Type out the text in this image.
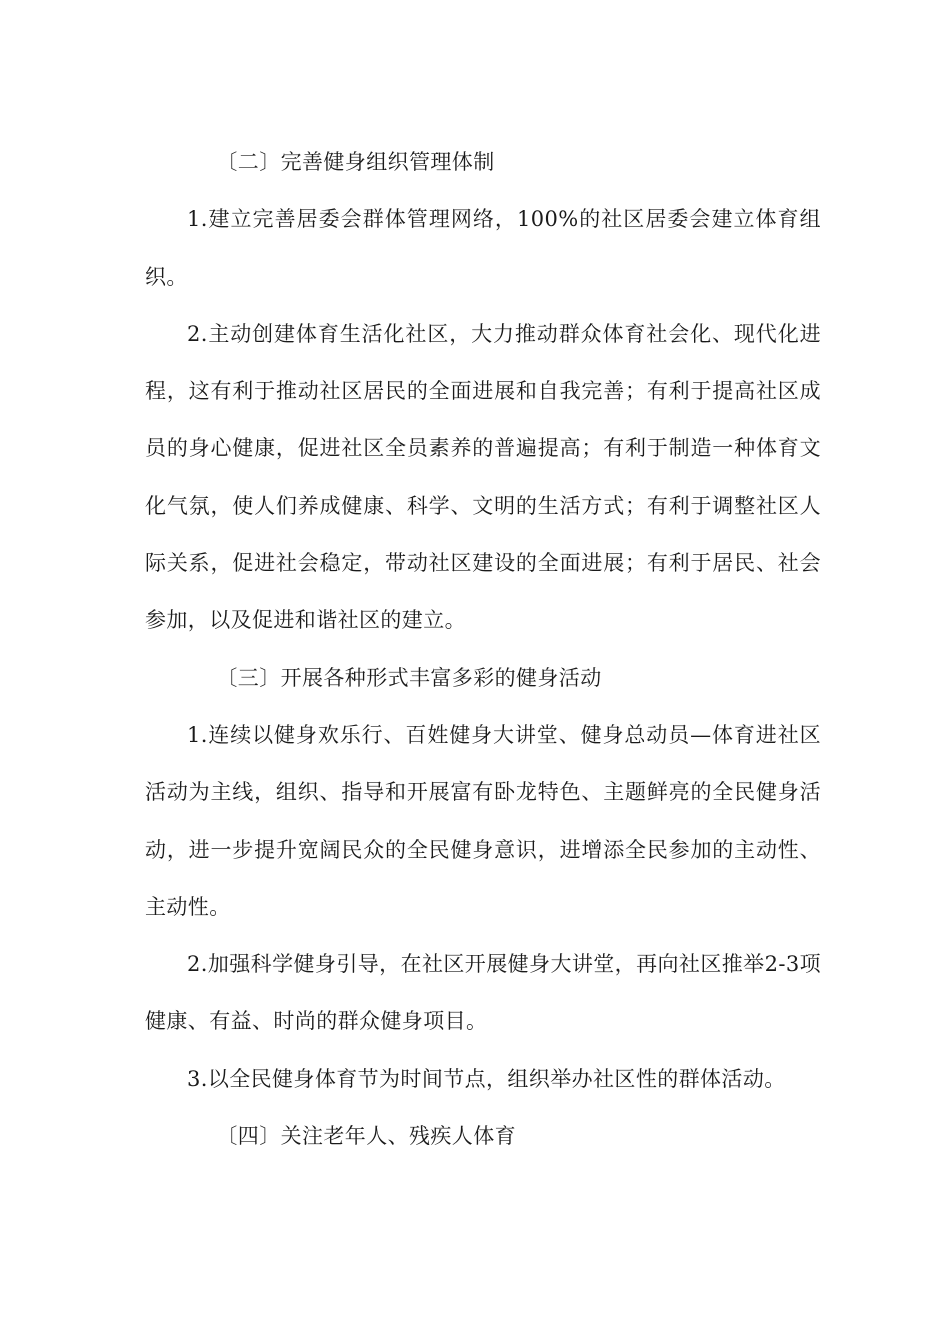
〔二〕完善健身组织管理体制

1.建立完善居委会群体管理网络，100%的社区居委会建立体育组织。

2.主动创建体育生活化社区，大力推动群众体育社会化、现代化进程，这有利于推动社区居民的全面进展和自我完善；有利于提高社区成员的身心健康，促进社区全员素养的普遍提高；有利于制造一种体育文化气氛，使人们养成健康、科学、文明的生活方式；有利于调整社区人际关系，促进社会稳定，带动社区建设的全面进展；有利于居民、社会参加，以及促进和谐社区的建立。

〔三〕开展各种形式丰富多彩的健身活动

1.连续以健身欢乐行、百姓健身大讲堂、健身总动员—体育进社区活动为主线，组织、指导和开展富有卧龙特色、主题鲜亮的全民健身活动，进一步提升宽阔民众的全民健身意识，进增添全民参加的主动性、主动性。

2.加强科学健身引导，在社区开展健身大讲堂，再向社区推举2-3项健康、有益、时尚的群众健身项目。

3.以全民健身体育节为时间节点，组织举办社区性的群体活动。

〔四〕关注老年人、残疾人体育
